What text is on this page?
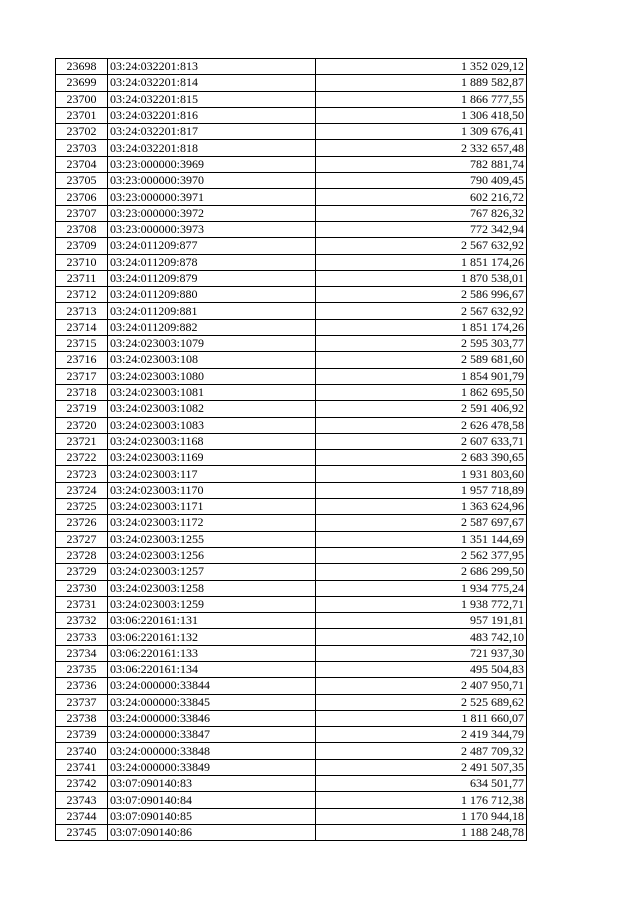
23698	03:24:032201:813	1 352 029,12
23699	03:24:032201:814	1 889 582,87
23700	03:24:032201:815	1 866 777,55
23701	03:24:032201:816	1 306 418,50
23702	03:24:032201:817	1 309 676,41
23703	03:24:032201:818	2 332 657,48
23704	03:23:000000:3969	782 881,74
23705	03:23:000000:3970	790 409,45
23706	03:23:000000:3971	602 216,72
23707	03:23:000000:3972	767 826,32
23708	03:23:000000:3973	772 342,94
23709	03:24:011209:877	2 567 632,92
23710	03:24:011209:878	1 851 174,26
23711	03:24:011209:879	1 870 538,01
23712	03:24:011209:880	2 586 996,67
23713	03:24:011209:881	2 567 632,92
23714	03:24:011209:882	1 851 174,26
23715	03:24:023003:1079	2 595 303,77
23716	03:24:023003:108	2 589 681,60
23717	03:24:023003:1080	1 854 901,79
23718	03:24:023003:1081	1 862 695,50
23719	03:24:023003:1082	2 591 406,92
23720	03:24:023003:1083	2 626 478,58
23721	03:24:023003:1168	2 607 633,71
23722	03:24:023003:1169	2 683 390,65
23723	03:24:023003:117	1 931 803,60
23724	03:24:023003:1170	1 957 718,89
23725	03:24:023003:1171	1 363 624,96
23726	03:24:023003:1172	2 587 697,67
23727	03:24:023003:1255	1 351 144,69
23728	03:24:023003:1256	2 562 377,95
23729	03:24:023003:1257	2 686 299,50
23730	03:24:023003:1258	1 934 775,24
23731	03:24:023003:1259	1 938 772,71
23732	03:06:220161:131	957 191,81
23733	03:06:220161:132	483 742,10
23734	03:06:220161:133	721 937,30
23735	03:06:220161:134	495 504,83
23736	03:24:000000:33844	2 407 950,71
23737	03:24:000000:33845	2 525 689,62
23738	03:24:000000:33846	1 811 660,07
23739	03:24:000000:33847	2 419 344,79
23740	03:24:000000:33848	2 487 709,32
23741	03:24:000000:33849	2 491 507,35
23742	03:07:090140:83	634 501,77
23743	03:07:090140:84	1 176 712,38
23744	03:07:090140:85	1 170 944,18
23745	03:07:090140:86	1 188 248,78
